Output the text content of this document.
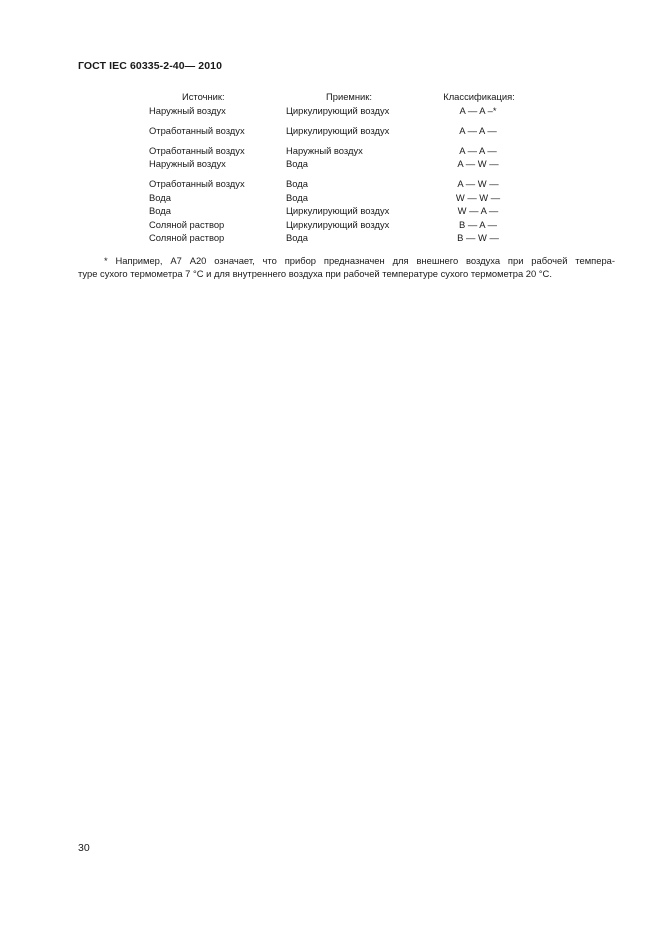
ГОСТ IEC 60335-2-40— 2010
Источник:	Приемник:	Классификация:
Наружный воздух	Циркулирующий воздух	A — A –*
Отработанный воздух	Циркулирующий воздух	A — A —
Отработанный воздух	Наружный воздух	A — A —
Наружный воздух	Вода	A — W —
Отработанный воздух	Вода	A — W —
Вода	Вода	W — W —
Вода	Циркулирующий воздух	W — A —
Соляной раствор	Циркулирующий воздух	B — A —
Соляной раствор	Вода	B — W —
* Например, А7 А20 означает, что прибор предназначен для внешнего воздуха при рабочей темпера-
туре сухого термометра 7 °С и для внутреннего воздуха при рабочей температуре сухого термометра 20 °С.
30
